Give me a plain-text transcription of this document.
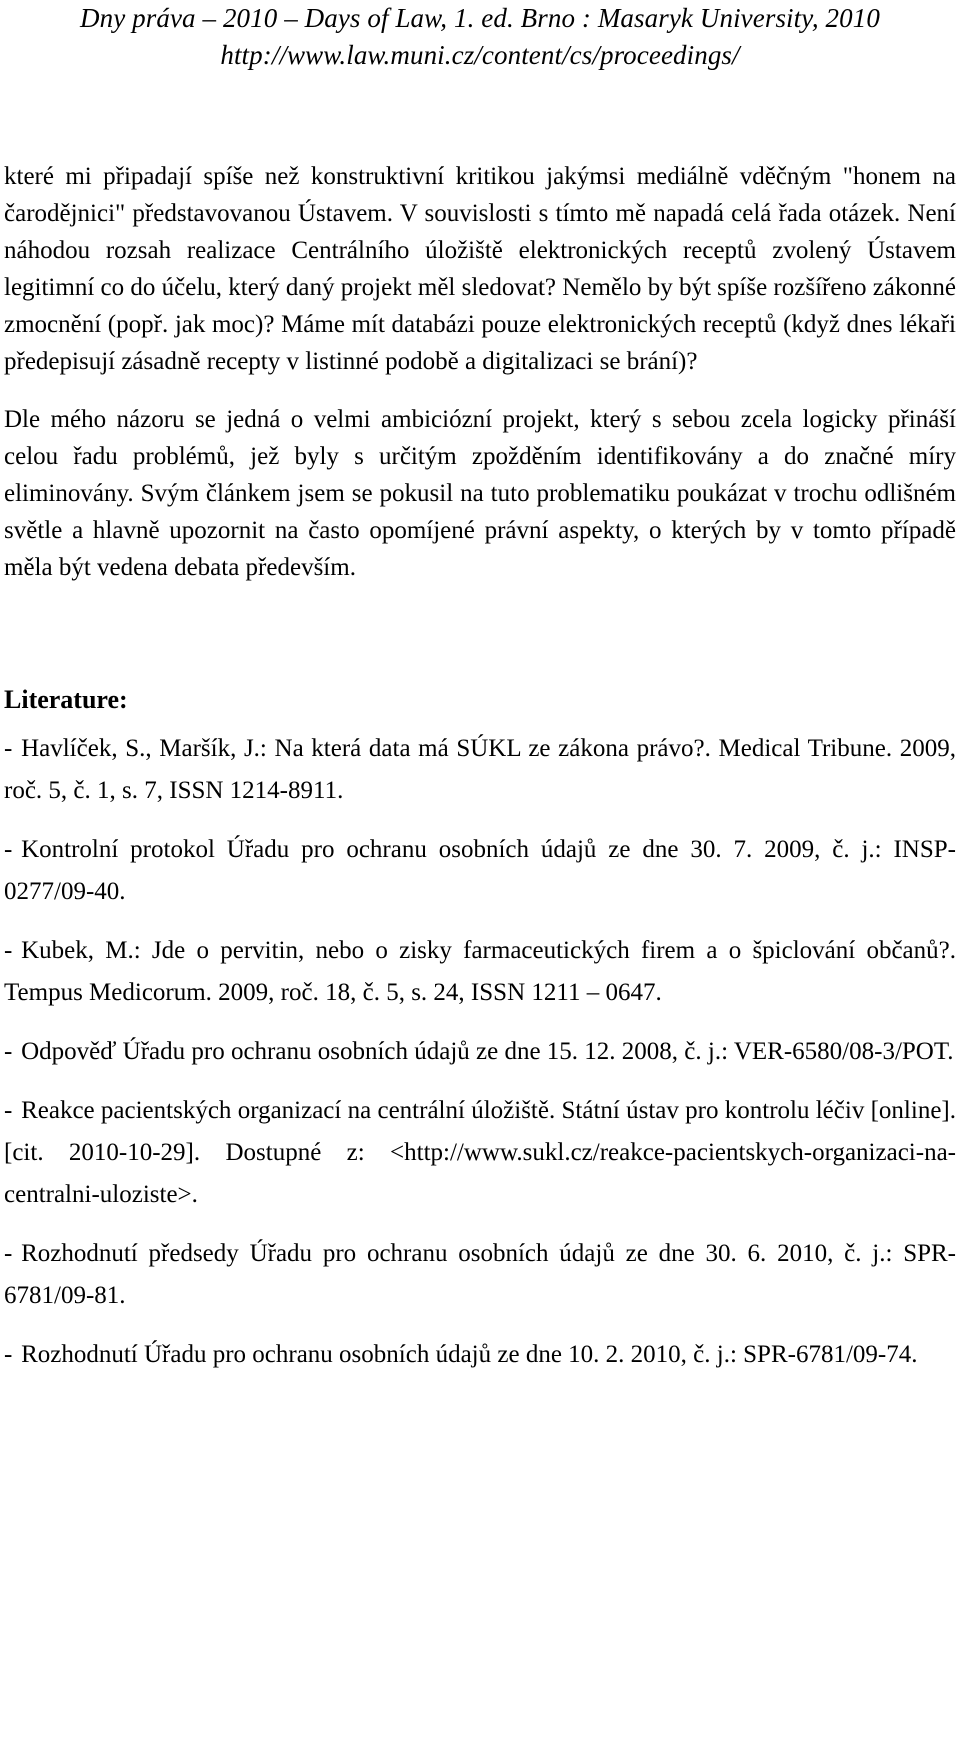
Dny práva – 2010 – Days of Law, 1. ed. Brno : Masaryk University, 2010
http://www.law.muni.cz/content/cs/proceedings/

které mi připadají spíše než konstruktivní kritikou jakýmsi mediálně vděčným "honem na čarodějnici" představovanou Ústavem. V souvislosti s tímto mě napadá celá řada otázek. Není náhodou rozsah realizace Centrálního úložiště elektronických receptů zvolený Ústavem legitimní co do účelu, který daný projekt měl sledovat? Nemělo by být spíše rozšířeno zákonné zmocnění (popř. jak moc)? Máme mít databázi pouze elektronických receptů (když dnes lékaři předepisují zásadně recepty v listinné podobě a digitalizaci se brání)?

Dle mého názoru se jedná o velmi ambiciózní projekt, který s sebou zcela logicky přináší celou řadu problémů, jež byly s určitým zpožděním identifikovány a do značné míry eliminovány. Svým článkem jsem se pokusil na tuto problematiku poukázat v trochu odlišném světle a hlavně upozornit na často opomíjené právní aspekty, o kterých by v tomto případě měla být vedena debata především.

Literature:

- Havlíček, S., Maršík, J.: Na která data má SÚKL ze zákona právo?. Medical Tribune. 2009, roč. 5, č. 1, s. 7, ISSN 1214-8911.

- Kontrolní protokol Úřadu pro ochranu osobních údajů ze dne 30. 7. 2009, č. j.: INSP-0277/09-40.

- Kubek, M.: Jde o pervitin, nebo o zisky farmaceutických firem a o špiclování občanů?. Tempus Medicorum. 2009, roč. 18, č. 5, s. 24, ISSN 1211 – 0647.

- Odpověď Úřadu pro ochranu osobních údajů ze dne 15. 12. 2008, č. j.: VER-6580/08-3/POT.

- Reakce pacientských organizací na centrální úložiště. Státní ústav pro kontrolu léčiv [online]. [cit. 2010-10-29]. Dostupné z: <http://www.sukl.cz/reakce-pacientskych-organizaci-na-centralni-uloziste>.

- Rozhodnutí předsedy Úřadu pro ochranu osobních údajů ze dne 30. 6. 2010, č. j.: SPR-6781/09-81.

- Rozhodnutí Úřadu pro ochranu osobních údajů ze dne 10. 2. 2010, č. j.: SPR-6781/09-74.
